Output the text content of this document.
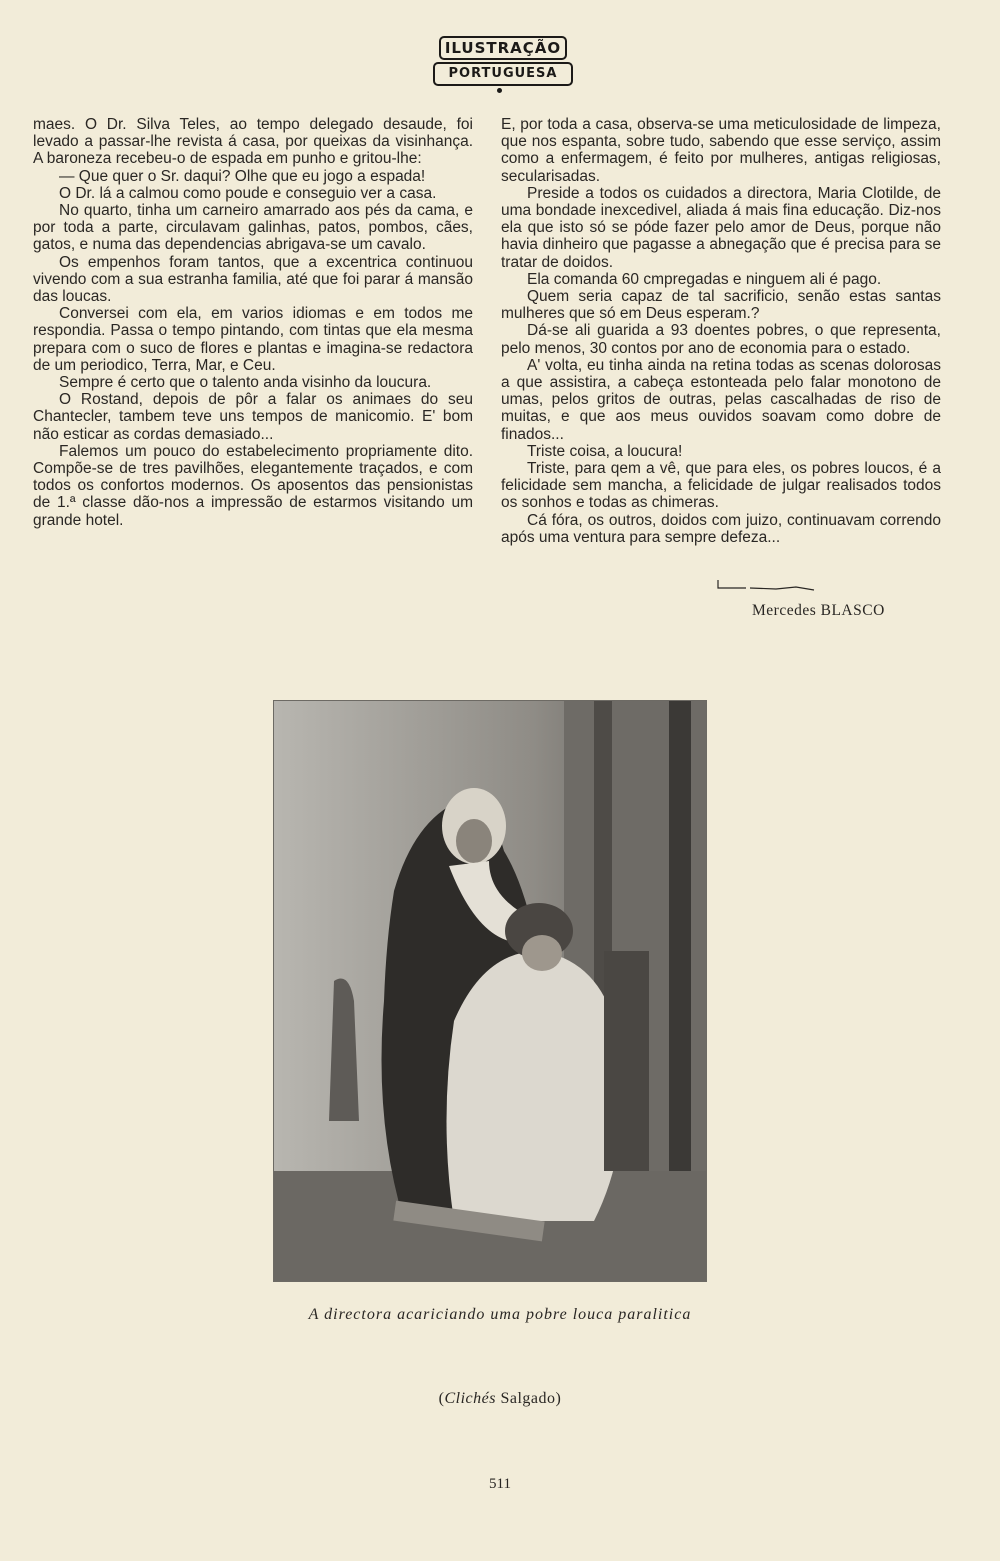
ILUSTRAÇÃO
PORTUGUESA

maes. O Dr. Silva Teles, ao tempo delegado desaude, foi levado a passar-lhe revista á casa, por queixas da visinhança. A baroneza recebeu-o de espada em punho e gritou-lhe:

— Que quer o Sr. daqui? Olhe que eu jogo a espada!

O Dr. lá a calmou como poude e conseguio ver a casa.

No quarto, tinha um carneiro amarrado aos pés da cama, e por toda a parte, circulavam galinhas, patos, pombos, cães, gatos, e numa das dependencias abrigava-se um cavalo.

Os empenhos foram tantos, que a excentrica continuou vivendo com a sua estranha familia, até que foi parar á mansão das loucas.

Conversei com ela, em varios idiomas e em todos me respondia. Passa o tempo pintando, com tintas que ela mesma prepara com o suco de flores e plantas e imagina-se redactora de um periodico, Terra, Mar, e Ceu.

Sempre é certo que o talento anda visinho da loucura.

O Rostand, depois de pôr a falar os animaes do seu Chantecler, tambem teve uns tempos de manicomio. E' bom não esticar as cordas demasiado...

Falemos um pouco do estabelecimento propriamente dito. Compõe-se de tres pavilhões, elegantemente traçados, e com todos os confortos modernos. Os aposentos das pensionistas de 1.ª classe dão-nos a impressão de estarmos visitando um grande hotel.

E, por toda a casa, observa-se uma meticulosidade de limpeza, que nos espanta, sobre tudo, sabendo que esse serviço, assim como a enfermagem, é feito por mulheres, antigas religiosas, secularisadas.

Preside a todos os cuidados a directora, Maria Clotilde, de uma bondade inexcedivel, aliada á mais fina educação. Diz-nos ela que isto só se póde fazer pelo amor de Deus, porque não havia dinheiro que pagasse a abnegação que é precisa para se tratar de doidos.

Ela comanda 60 cmpregadas e ninguem ali é pago.

Quem seria capaz de tal sacrificio, senão estas santas mulheres que só em Deus esperam.?

Dá-se ali guarida a 93 doentes pobres, o que representa, pelo menos, 30 contos por ano de economia para o estado.

A' volta, eu tinha ainda na retina todas as scenas dolorosas a que assistira, a cabeça estonteada pelo falar monotono de umas, pelos gritos de outras, pelas cascalhadas de riso de muitas, e que aos meus ouvidos soavam como dobre de finados...

Triste coisa, a loucura!

Triste, para qem a vê, que para eles, os pobres loucos, é a felicidade sem mancha, a felicidade de julgar realisados todos os sonhos e todas as chimeras.

Cá fóra, os outros, doidos com juizo, continuavam correndo após uma ventura para sempre defeza...

Mercedes BLASCO
A directora acariciando uma pobre louca paralitica
(Clichés Salgado)
511
